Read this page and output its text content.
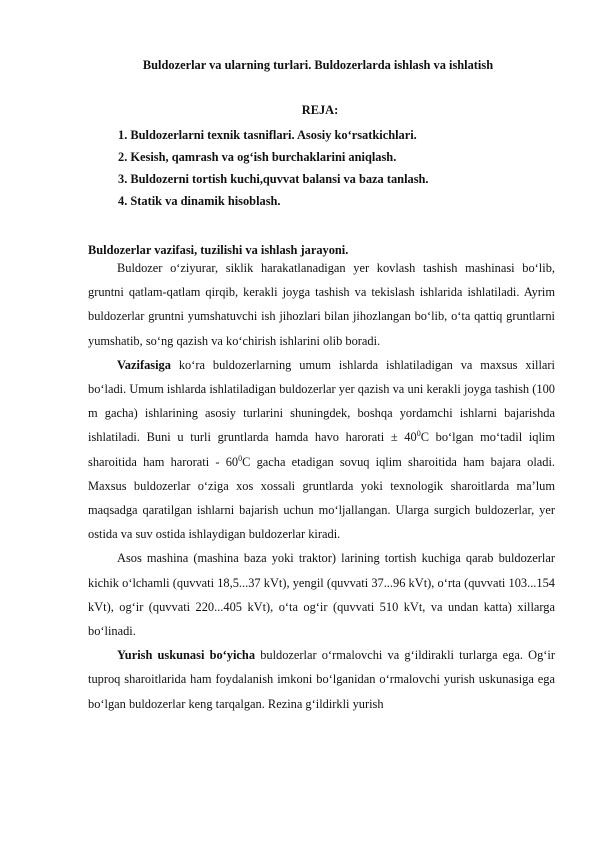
Buldozerlar va ularning turlari. Buldozerlarda ishlash va ishlatish
REJA:
1. Buldozerlarni texnik tasniflari. Asosiy ko‘rsatkichlari.
2. Kesish, qamrash va og‘ish burchaklarini aniqlash.
3. Buldozerni tortish kuchi,quvvat balansi va baza tanlash.
4. Statik va dinamik hisoblash.
Buldozerlar vazifasi, tuzilishi va ishlash jarayoni.

Buldozer o‘ziyurar, siklik harakatlanadigan yer kovlash tashish mashinasi bo‘lib, gruntni qatlam-qatlam qirqib, kerakli joyga tashish va tekislash ishlarida ishlatiladi. Ayrim buldozerlar gruntni yumshatuvchi ish jihozlari bilan jihozlangan bo‘lib, o‘ta qattiq gruntlarni yumshatib, so‘ng qazish va ko‘chirish ishlarini olib boradi.

Vazifasiga ko‘ra buldozerlarning umum ishlarda ishlatiladigan va maxsus xillari bo‘ladi. Umum ishlarda ishlatiladigan buldozerlar yer qazish va uni kerakli joyga tashish (100 m gacha) ishlarining asosiy turlarini shuningdek, boshqa yordamchi ishlarni bajarishda ishlatiladi. Buni u turli gruntlarda hamda havo harorati ± $40^0C$ bo‘lgan mo‘tadil iqlim sharoitida ham harorati - $60^0C$ gacha etadigan sovuq iqlim sharoitida ham bajara oladi. Maxsus buldozerlar o‘ziga xos xossali gruntlarda yoki texnologik sharoitlarda ma’lum maqsadga qaratilgan ishlarni bajarish uchun mo‘ljallangan. Ularga surgich buldozerlar, yer ostida va suv ostida ishlaydigan buldozerlar kiradi.

Asos mashina (mashina baza yoki traktor) larining tortish kuchiga qarab buldozerlar kichik o‘lchamli (quvvati 18,5...37 kVt), yengil (quvvati 37...96 kVt), o‘rta (quvvati 103...154 kVt), og‘ir (quvvati 220...405 kVt), o‘ta og‘ir (quvvati 510 kVt, va undan katta) xillarga bo‘linadi.

Yurish uskunasi bo‘yicha buldozerlar o‘rmalovchi va g‘ildirakli turlarga ega. Og‘ir tuproq sharoitlarida ham foydalanish imkoni bo‘lganidan o‘rmalovchi yurish uskunasiga ega bo‘lgan buldozerlar keng tarqalgan. Rezina g‘ildirkli yurish
